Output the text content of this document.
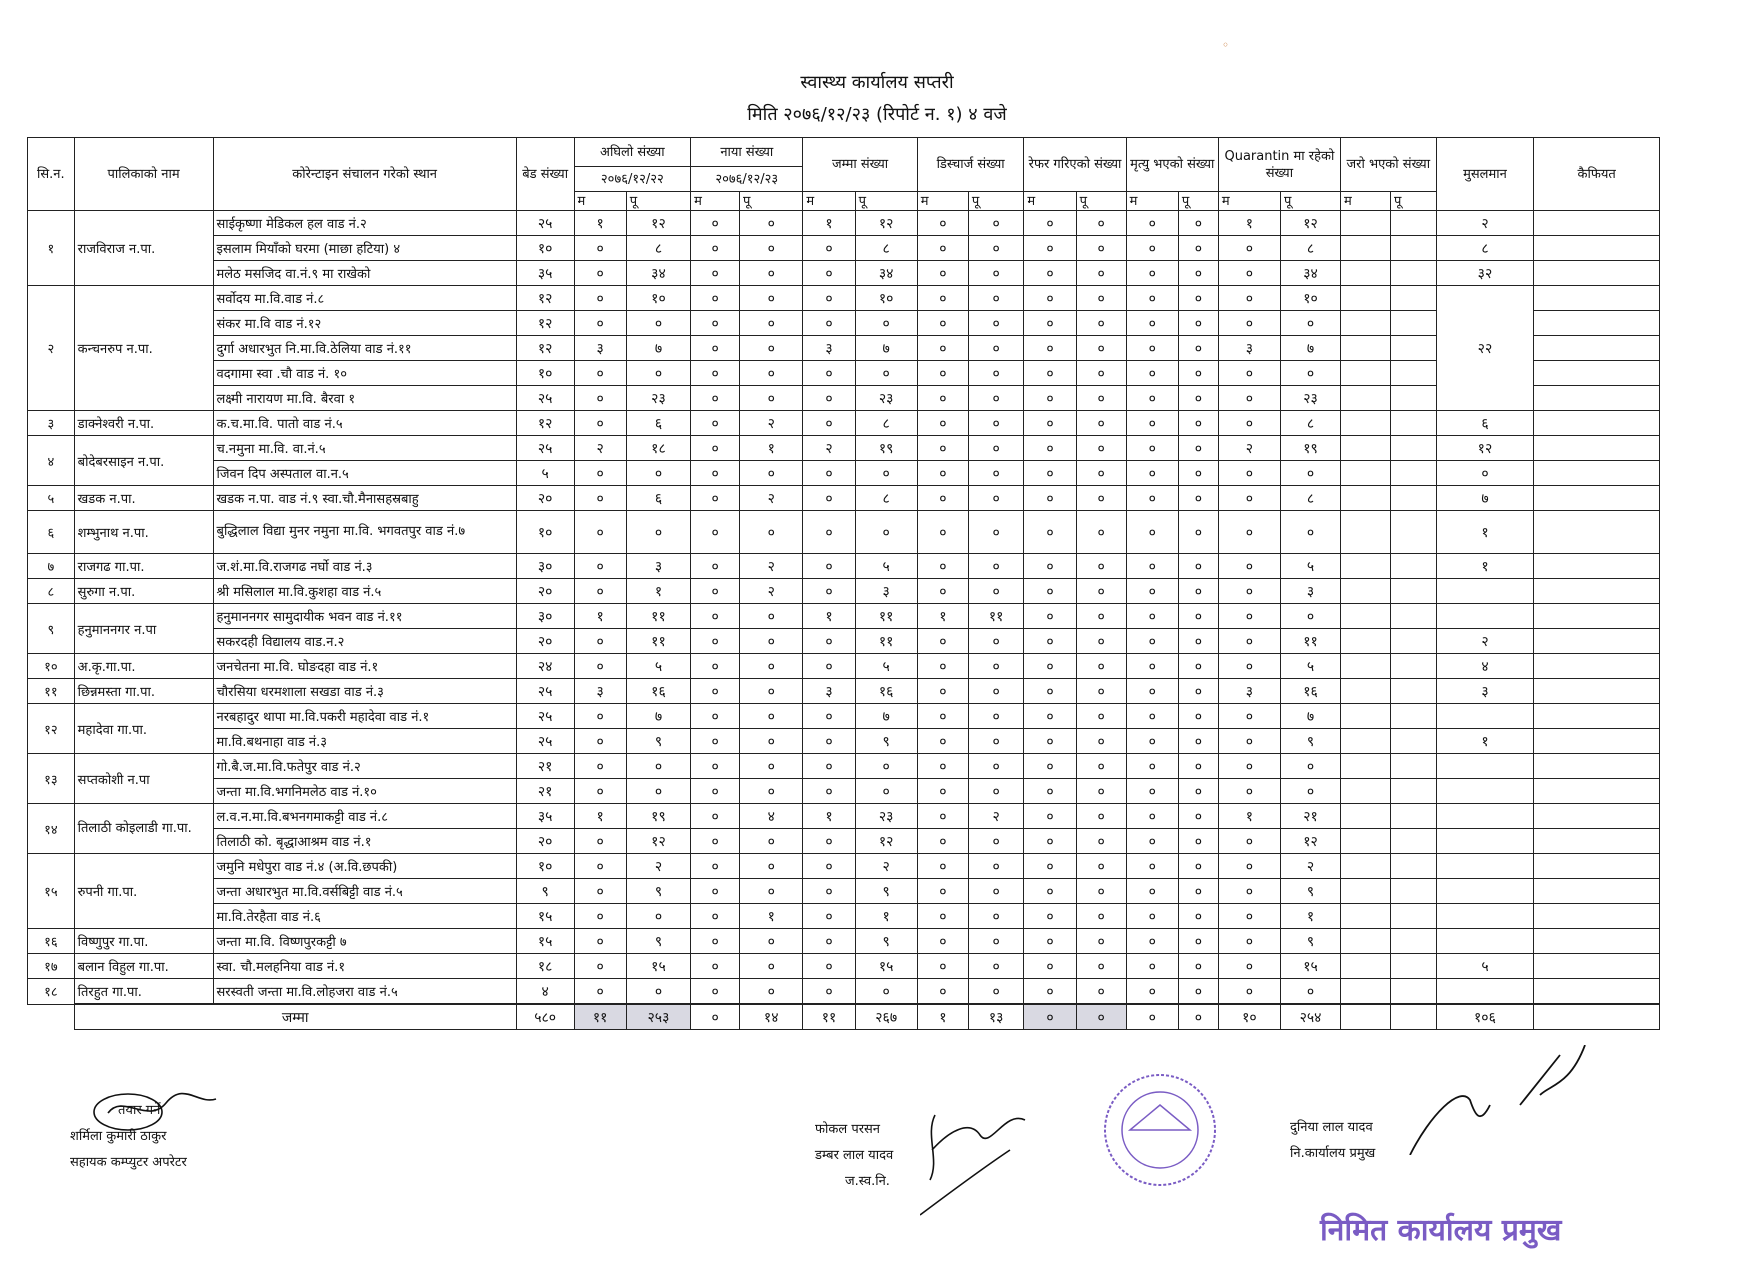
◦
स्वास्थ्य कार्यालय सप्तरी
मिति २०७६/१२/२३ (रिपोर्ट न. १) ४ वजे
सि.न.	पालिकाको नाम	कोरेन्टाइन संचालन गरेको स्थान	बेड संख्या	अघिलो संख्या		नाया संख्या		जम्मा संख्या		डिस्चार्ज संख्या		रेफर गरिएको संख्या		मृत्यु भएको संख्या		Quarantin मा रहेको संख्या		जरो भएको संख्या		मुसलमान	कैफियत
				२०७६/१२/२२		२०७६/१२/२३															
				म	पू	म	पू	म	पू	म	पू	म	पू	म	पू	म	पू	म	पू		
१	राजविराज न.पा.	साईकृष्णा मेडिकल हल वाड नं.२	२५	१	१२	०	०	१	१२	०	०	०	०	०	०	१	१२			२	
		इसलाम मियाँको घरमा (माछा हटिया) ४	१०	०	८	०	०	०	८	०	०	०	०	०	०	०	८			८	
		मलेठ मसजिद वा.नं.९ मा राखेको	३५	०	३४	०	०	०	३४	०	०	०	०	०	०	०	३४			३२	
२	कन्चनरुप न.पा.	सर्वोदय मा.वि.वाड नं.८	१२	०	१०	०	०	०	१०	०	०	०	०	०	०	०	१०			२२	
		संकर मा.वि वाड नं.१२	१२	०	०	०	०	०	०	०	०	०	०	०	०	०	०				
		दुर्गा अधारभुत नि.मा.वि.ठेलिया वाड नं.११	१२	३	७	०	०	३	७	०	०	०	०	०	०	३	७				
		वदगामा स्वा .चौ वाड नं. १०	१०	०	०	०	०	०	०	०	०	०	०	०	०	०	०				
		लक्ष्मी नारायण मा.वि. बैरवा १	२५	०	२३	०	०	०	२३	०	०	०	०	०	०	०	२३				
३	डाक्नेश्वरी न.पा.	क.च.मा.वि. पातो वाड नं.५	१२	०	६	०	२	०	८	०	०	०	०	०	०	०	८			६	
४	बोदेबरसाइन न.पा.	च.नमुना मा.वि. वा.नं.५	२५	२	१८	०	१	२	१९	०	०	०	०	०	०	२	१९			१२	
		जिवन दिप अस्पताल वा.न.५	५	०	०	०	०	०	०	०	०	०	०	०	०	०	०			०	
५	खडक न.पा.	खडक न.पा. वाड नं.९ स्वा.चौ.मैनासहस्रबाहु	२०	०	६	०	२	०	८	०	०	०	०	०	०	०	८			७	
६	शम्भुनाथ न.पा.	बुद्धिलाल विद्या मुनर नमुना मा.वि. भगवतपुर वाड नं.७	१०	०	०	०	०	०	०	०	०	०	०	०	०	०	०			१	
७	राजगढ गा.पा.	ज.शं.मा.वि.राजगढ नर्घो वाड नं.३	३०	०	३	०	२	०	५	०	०	०	०	०	०	०	५			१	
८	सुरुगा न.पा.	श्री मसिलाल मा.वि.कुशहा वाड नं.५	२०	०	१	०	२	०	३	०	०	०	०	०	०	०	३				
९	हनुमाननगर न.पा	हनुमाननगर सामुदायीक भवन वाड नं.११	३०	१	११	०	०	१	११	१	११	०	०	०	०	०	०				
		सकरदही विद्यालय वाड.न.२	२०	०	११	०	०	०	११	०	०	०	०	०	०	०	११			२	
१०	अ.कृ.गा.पा.	जनचेतना मा.वि. घोङदहा वाड नं.१	२४	०	५	०	०	०	५	०	०	०	०	०	०	०	५			४	
११	छिन्नमस्ता गा.पा.	चौरसिया धरमशाला सखडा वाड नं.३	२५	३	१६	०	०	३	१६	०	०	०	०	०	०	३	१६			३	
१२	महादेवा गा.पा.	नरबहादुर थापा मा.वि.पकरी महादेवा वाड नं.१	२५	०	७	०	०	०	७	०	०	०	०	०	०	०	७				
		मा.वि.बथनाहा वाड नं.३	२५	०	९	०	०	०	९	०	०	०	०	०	०	०	९			१	
१३	सप्तकोशी न.पा	गो.बै.ज.मा.वि.फतेपुर वाड नं.२	२१	०	०	०	०	०	०	०	०	०	०	०	०	०	०				
		जन्ता मा.वि.भगनिमलेठ वाड नं.१०	२१	०	०	०	०	०	०	०	०	०	०	०	०	०	०				
१४	तिलाठी कोइलाडी गा.पा.	ल.व.न.मा.वि.बभनगमाकट्टी वाड नं.८	३५	१	१९	०	४	१	२३	०	२	०	०	०	०	१	२१				
		तिलाठी को. बृद्धाआश्रम वाड नं.१	२०	०	१२	०	०	०	१२	०	०	०	०	०	०	०	१२				
१५	रुपनी गा.पा.	जमुनि मधेपुरा वाड नं.४ (अ.वि.छपकी)	१०	०	२	०	०	०	२	०	०	०	०	०	०	०	२				
		जन्ता अधारभुत मा.वि.वर्सबिट्टी वाड नं.५	९	०	९	०	०	०	९	०	०	०	०	०	०	०	९				
		मा.वि.तेरहैता वाड नं.६	१५	०	०	०	१	०	१	०	०	०	०	०	०	०	१				
१६	विष्णुपुर गा.पा.	जन्ता मा.वि. विष्णपुरकट्टी ७	१५	०	९	०	०	०	९	०	०	०	०	०	०	०	९				
१७	बलान विहुल गा.पा.	स्वा. चौ.मलहनिया वाड नं.१	१८	०	१५	०	०	०	१५	०	०	०	०	०	०	०	१५			५	
१८	तिरहुत गा.पा.	सरस्वती जन्ता मा.वि.लोहजरा वाड नं.५	४	०	०	०	०	०	०	०	०	०	०	०	०	०	०				
	जम्मा		५८०	११	२५३	०	१४	११	२६७	१	१३	०	०	०	०	१०	२५४			१०६	
तयार गर्ने
शर्मिला कुमारी ठाकुर
सहायक कम्प्युटर अपरेटर
फोकल परसन
डम्बर लाल यादव
ज.स्व.नि.
दुनिया लाल यादव
नि.कार्यालय प्रमुख
निमित कार्यालय प्रमुख
